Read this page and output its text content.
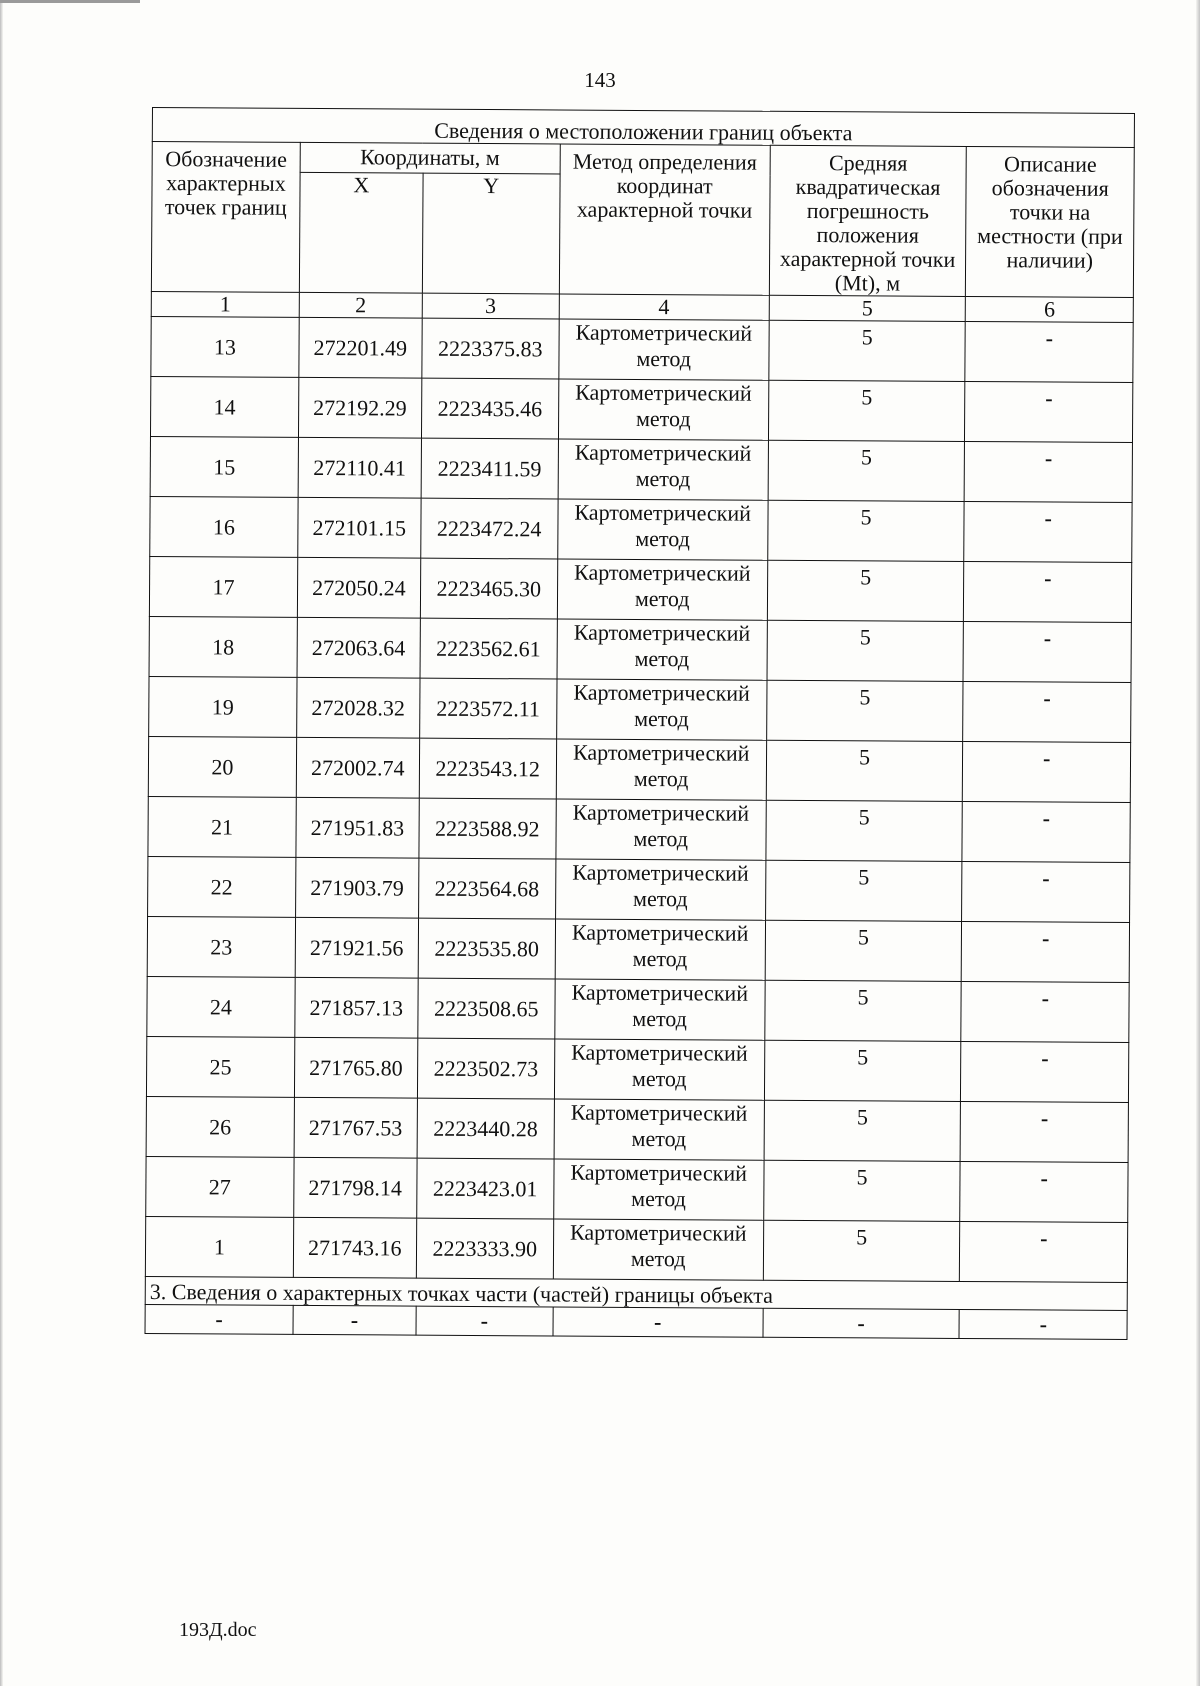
143
Сведения о местоположении границ объекта					
Обозначение характерных точек границ	Координаты, м		Метод определения координат характерной точки	Средняя квадратическая погрешность положения характерной точки (Mt), м	Описание обозначения точки на местности (при наличии)
	X	Y			
1	2	3	4	5	6
13	272201.49	2223375.83	Картометрический метод	5	-
14	272192.29	2223435.46	Картометрический метод	5	-
15	272110.41	2223411.59	Картометрический метод	5	-
16	272101.15	2223472.24	Картометрический метод	5	-
17	272050.24	2223465.30	Картометрический метод	5	-
18	272063.64	2223562.61	Картометрический метод	5	-
19	272028.32	2223572.11	Картометрический метод	5	-
20	272002.74	2223543.12	Картометрический метод	5	-
21	271951.83	2223588.92	Картометрический метод	5	-
22	271903.79	2223564.68	Картометрический метод	5	-
23	271921.56	2223535.80	Картометрический метод	5	-
24	271857.13	2223508.65	Картометрический метод	5	-
25	271765.80	2223502.73	Картометрический метод	5	-
26	271767.53	2223440.28	Картометрический метод	5	-
27	271798.14	2223423.01	Картометрический метод	5	-
1	271743.16	2223333.90	Картометрический метод	5	-
3. Сведения о характерных точках части (частей) границы объекта					
-	-	-	-	-	-
193Д.doc
